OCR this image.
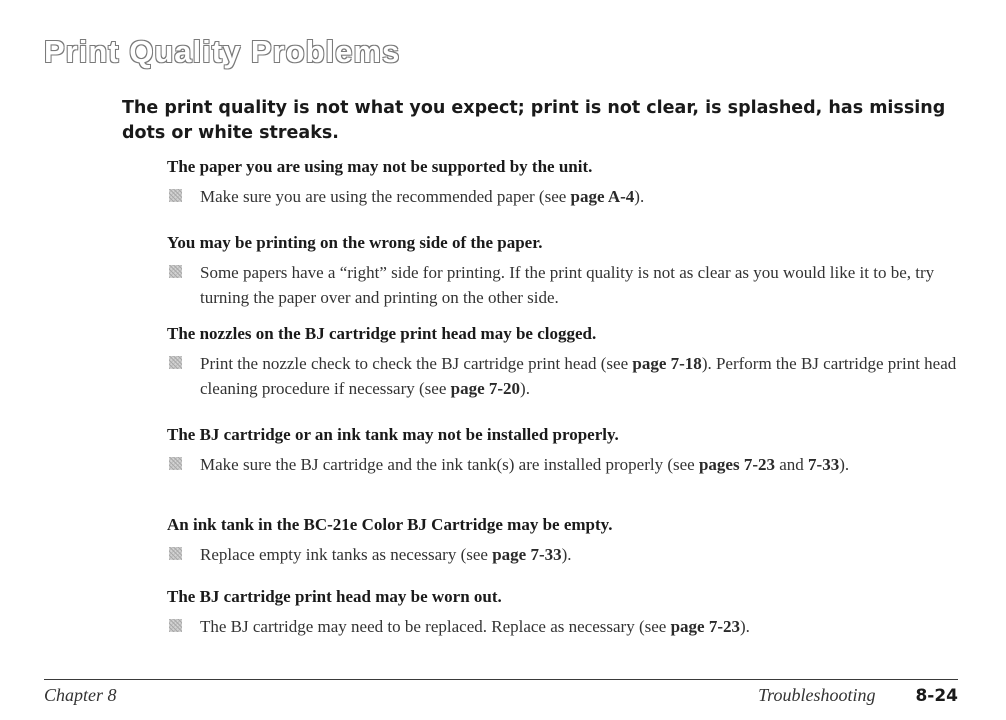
Print Quality Problems
The print quality is not what you expect; print is not clear, is splashed, has missing dots or white streaks.
The paper you are using may not be supported by the unit.
Make sure you are using the recommended paper (see page A-4).
You may be printing on the wrong side of the paper.
Some papers have a “right” side for printing. If the print quality is not as clear as you would like it to be, try turning the paper over and printing on the other side.
The nozzles on the BJ cartridge print head may be clogged.
Print the nozzle check to check the BJ cartridge print head (see page 7-18). Perform the BJ cartridge print head cleaning procedure if necessary (see page 7-20).
The BJ cartridge or an ink tank may not be installed properly.
Make sure the BJ cartridge and the ink tank(s) are installed properly (see pages 7-23 and 7-33).
An ink tank in the BC-21e Color BJ Cartridge may be empty.
Replace empty ink tanks as necessary (see page 7-33).
The BJ cartridge print head may be worn out.
The BJ cartridge may need to be replaced. Replace as necessary (see page 7-23).
Chapter 8	Troubleshooting 8-24
